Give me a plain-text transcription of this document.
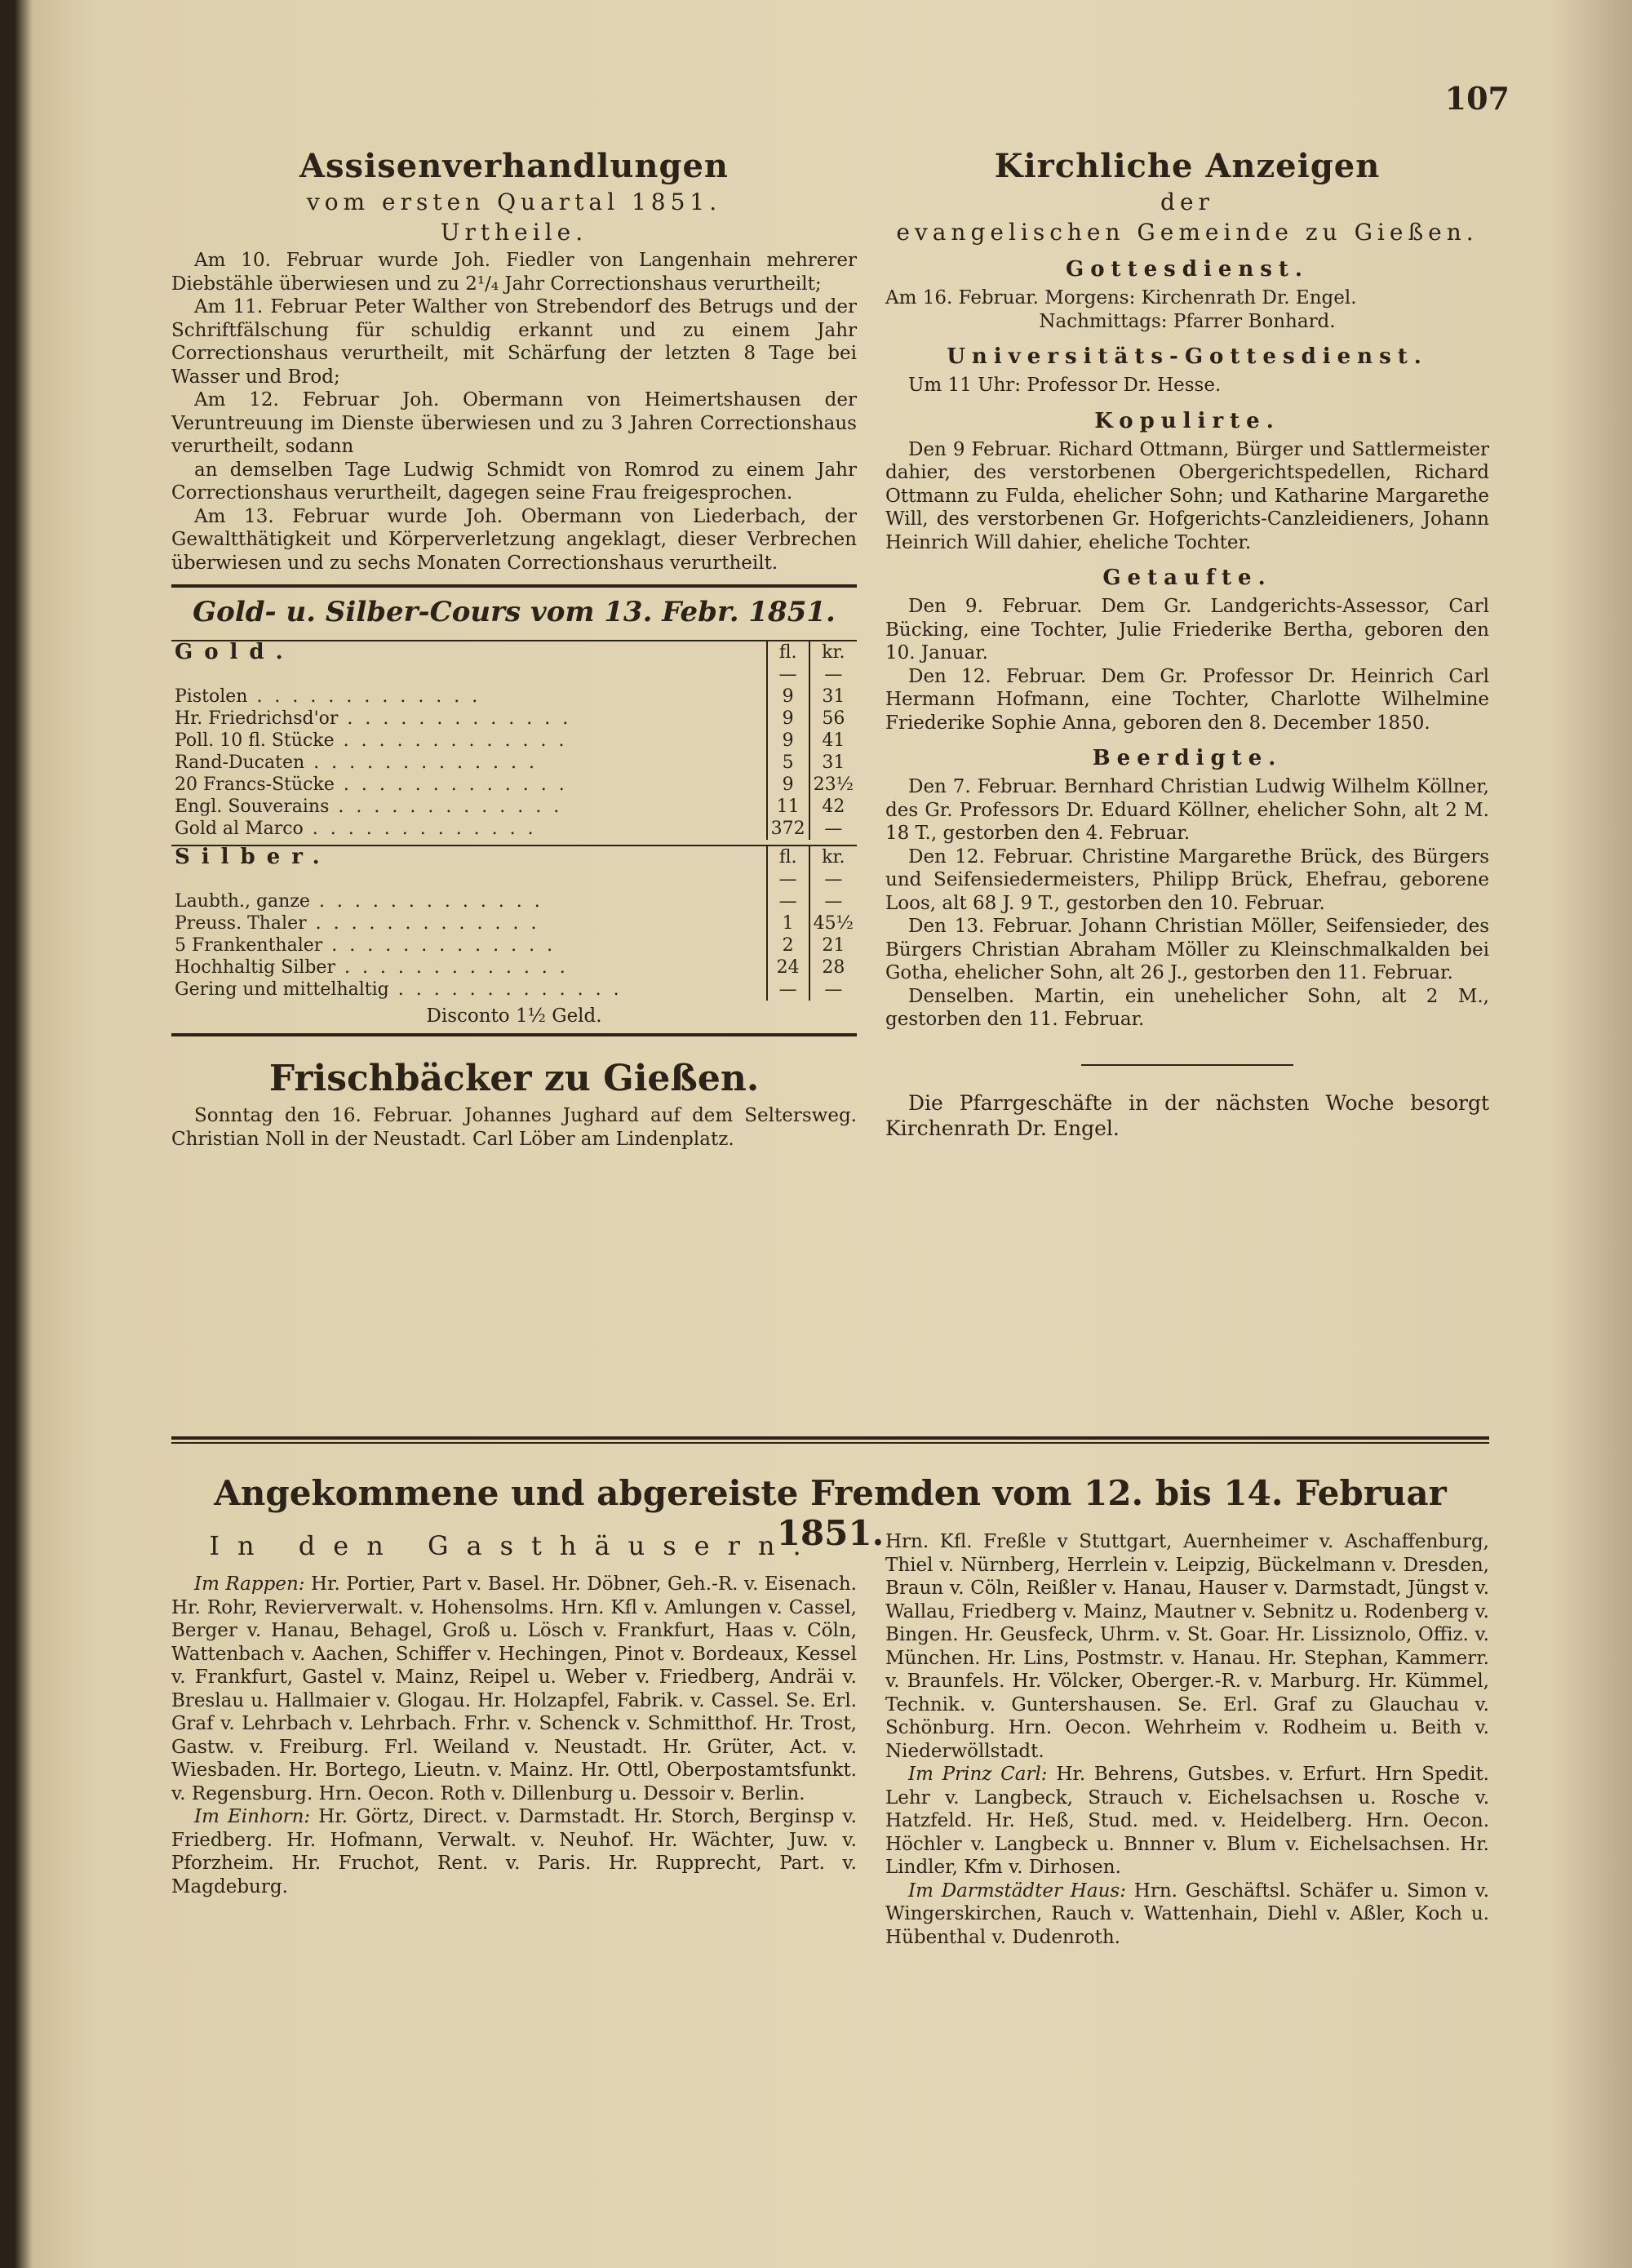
107
Assisenverhandlungen
vom ersten Quartal 1851.
Urtheile.

Am 10. Februar wurde Joh. Fiedler von Langenhain mehrerer Diebstähle überwiesen und zu 2¹/₄ Jahr Correctionshaus verurtheilt;

Am 11. Februar Peter Walther von Strebendorf des Betrugs und der Schriftfälschung für schuldig erkannt und zu einem Jahr Correctionshaus verurtheilt, mit Schärfung der letzten 8 Tage bei Wasser und Brod;

Am 12. Februar Joh. Obermann von Heimertshausen der Veruntreuung im Dienste überwiesen und zu 3 Jahren Correctionshaus verurtheilt, sodann

an demselben Tage Ludwig Schmidt von Romrod zu einem Jahr Correctionshaus verurtheilt, dagegen seine Frau freigesprochen.

Am 13. Februar wurde Joh. Obermann von Liederbach, der Gewaltthätigkeit und Körperverletzung angeklagt, dieser Verbrechen überwiesen und zu sechs Monaten Correctionshaus verurtheilt.

Gold- u. Silber-Cours vom 13. Febr. 1851.
Gold.	fl.	kr.
	—	—
Pistolen . . .	9	31
Hr. Friedrichsd'or . . .	9	56
Poll. 10 fl. Stücke . . .	9	41
Rand-Ducaten . . .	5	31
20 Francs-Stücke . . .	9	23½
Engl. Souverains . . .	11	42
Gold al Marco . . .	372	—
Silber.	fl.	kr.
	—	—
Laubth., ganze . . .	—	—
Preuss. Thaler . . .	1	45½
5 Frankenthaler . . .	2	21
Hochhaltig Silber . . .	24	28
Gering und mittelhaltig . . .	—	—
Disconto 1½ Geld.
Frischbäcker zu Gießen.

Sonntag den 16. Februar. Johannes Jughard auf dem Seltersweg. Christian Noll in der Neustadt. Carl Löber am Lindenplatz.

Kirchliche Anzeigen
der
evangelischen Gemeinde zu Gießen.
Gottesdienst.

Am 16. Februar. Morgens: Kirchenrath Dr. Engel.

Nachmittags: Pfarrer Bonhard.

Universitäts-Gottesdienst.

Um 11 Uhr: Professor Dr. Hesse.

Kopulirte.

Den 9 Februar. Richard Ottmann, Bürger und Sattlermeister dahier, des verstorbenen Obergerichtspedellen, Richard Ottmann zu Fulda, ehelicher Sohn; und Katharine Margarethe Will, des verstorbenen Gr. Hofgerichts-Canzleidieners, Johann Heinrich Will dahier, eheliche Tochter.

Getaufte.

Den 9. Februar. Dem Gr. Landgerichts-Assessor, Carl Bücking, eine Tochter, Julie Friederike Bertha, geboren den 10. Januar.

Den 12. Februar. Dem Gr. Professor Dr. Heinrich Carl Hermann Hofmann, eine Tochter, Charlotte Wilhelmine Friederike Sophie Anna, geboren den 8. December 1850.

Beerdigte.

Den 7. Februar. Bernhard Christian Ludwig Wilhelm Köllner, des Gr. Professors Dr. Eduard Köllner, ehelicher Sohn, alt 2 M. 18 T., gestorben den 4. Februar.

Den 12. Februar. Christine Margarethe Brück, des Bürgers und Seifensiedermeisters, Philipp Brück, Ehefrau, geborene Loos, alt 68 J. 9 T., gestorben den 10. Februar.

Den 13. Februar. Johann Christian Möller, Seifensieder, des Bürgers Christian Abraham Möller zu Kleinschmalkalden bei Gotha, ehelicher Sohn, alt 26 J., gestorben den 11. Februar.

Denselben. Martin, ein unehelicher Sohn, alt 2 M., gestorben den 11. Februar.

Die Pfarrgeschäfte in der nächsten Woche besorgt Kirchenrath Dr. Engel.

Angekommene und abgereiste Fremden vom 12. bis 14. Februar 1851.
In den Gasthäusern.

Im Rappen: Hr. Portier, Part v. Basel. Hr. Döbner, Geh.-R. v. Eisenach. Hr. Rohr, Revierverwalt. v. Hohensolms. Hrn. Kfl v. Amlungen v. Cassel, Berger v. Hanau, Behagel, Groß u. Lösch v. Frankfurt, Haas v. Cöln, Wattenbach v. Aachen, Schiffer v. Hechingen, Pinot v. Bordeaux, Kessel v. Frankfurt, Gastel v. Mainz, Reipel u. Weber v. Friedberg, Andräi v. Breslau u. Hallmaier v. Glogau. Hr. Holzapfel, Fabrik. v. Cassel. Se. Erl. Graf v. Lehrbach v. Lehrbach. Frhr. v. Schenck v. Schmitthof. Hr. Trost, Gastw. v. Freiburg. Frl. Weiland v. Neustadt. Hr. Grüter, Act. v. Wiesbaden. Hr. Bortego, Lieutn. v. Mainz. Hr. Ottl, Oberpostamtsfunkt. v. Regensburg. Hrn. Oecon. Roth v. Dillenburg u. Dessoir v. Berlin.

Im Einhorn: Hr. Görtz, Direct. v. Darmstadt. Hr. Storch, Berginsp v. Friedberg. Hr. Hofmann, Verwalt. v. Neuhof. Hr. Wächter, Juw. v. Pforzheim. Hr. Fruchot, Rent. v. Paris. Hr. Rupprecht, Part. v. Magdeburg.

Hrn. Kfl. Freßle v Stuttgart, Auernheimer v. Aschaffenburg, Thiel v. Nürnberg, Herrlein v. Leipzig, Bückelmann v. Dresden, Braun v. Cöln, Reißler v. Hanau, Hauser v. Darmstadt, Jüngst v. Wallau, Friedberg v. Mainz, Mautner v. Sebnitz u. Rodenberg v. Bingen. Hr. Geusfeck, Uhrm. v. St. Goar. Hr. Lissiznolo, Offiz. v. München. Hr. Lins, Postmstr. v. Hanau. Hr. Stephan, Kammerr. v. Braunfels. Hr. Völcker, Oberger.-R. v. Marburg. Hr. Kümmel, Technik. v. Guntershausen. Se. Erl. Graf zu Glauchau v. Schönburg. Hrn. Oecon. Wehrheim v. Rodheim u. Beith v. Niederwöllstadt.

Im Prinz Carl: Hr. Behrens, Gutsbes. v. Erfurt. Hrn Spedit. Lehr v. Langbeck, Strauch v. Eichelsachsen u. Rosche v. Hatzfeld. Hr. Heß, Stud. med. v. Heidelberg. Hrn. Oecon. Höchler v. Langbeck u. Bnnner v. Blum v. Eichelsachsen. Hr. Lindler, Kfm v. Dirhosen.

Im Darmstädter Haus: Hrn. Geschäftsl. Schäfer u. Simon v. Wingerskirchen, Rauch v. Wattenhain, Diehl v. Aßler, Koch u. Hübenthal v. Dudenroth.
